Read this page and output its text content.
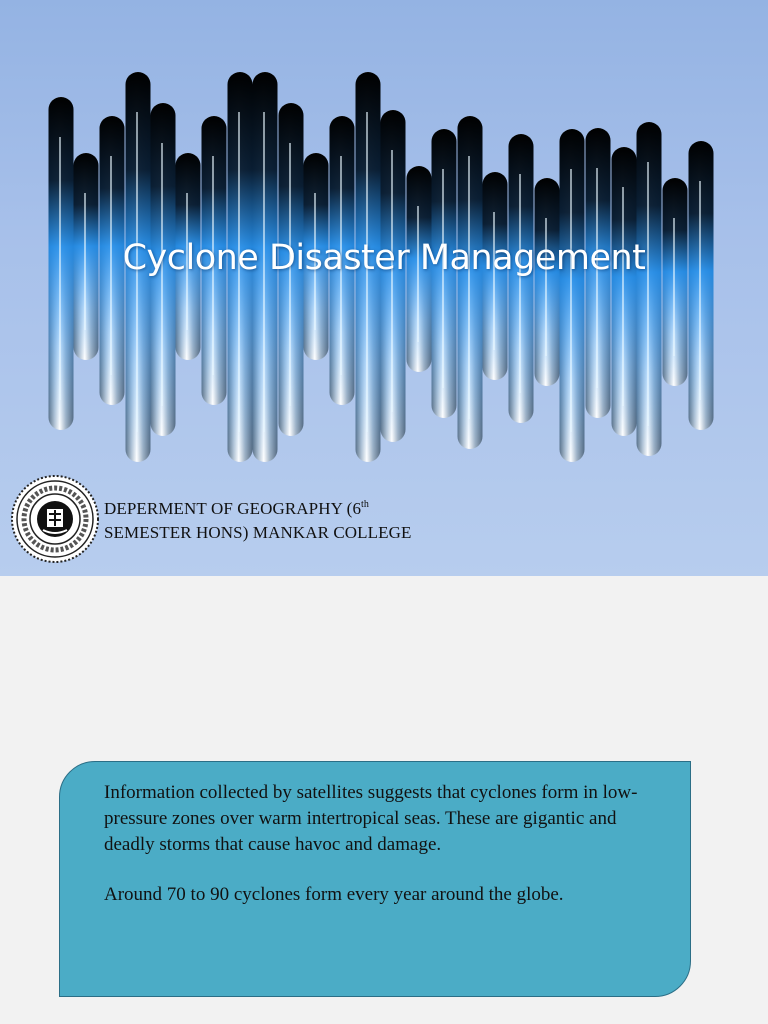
Cyclone Disaster Management
DEPERMENT OF GEOGRAPHY (6th
SEMESTER HONS) MANKAR COLLEGE

Information collected by satellites suggests that cyclones form in low-pressure zones over warm intertropical seas. These are gigantic and deadly storms that cause havoc and damage.

Around 70 to 90 cyclones form every year around the globe.
